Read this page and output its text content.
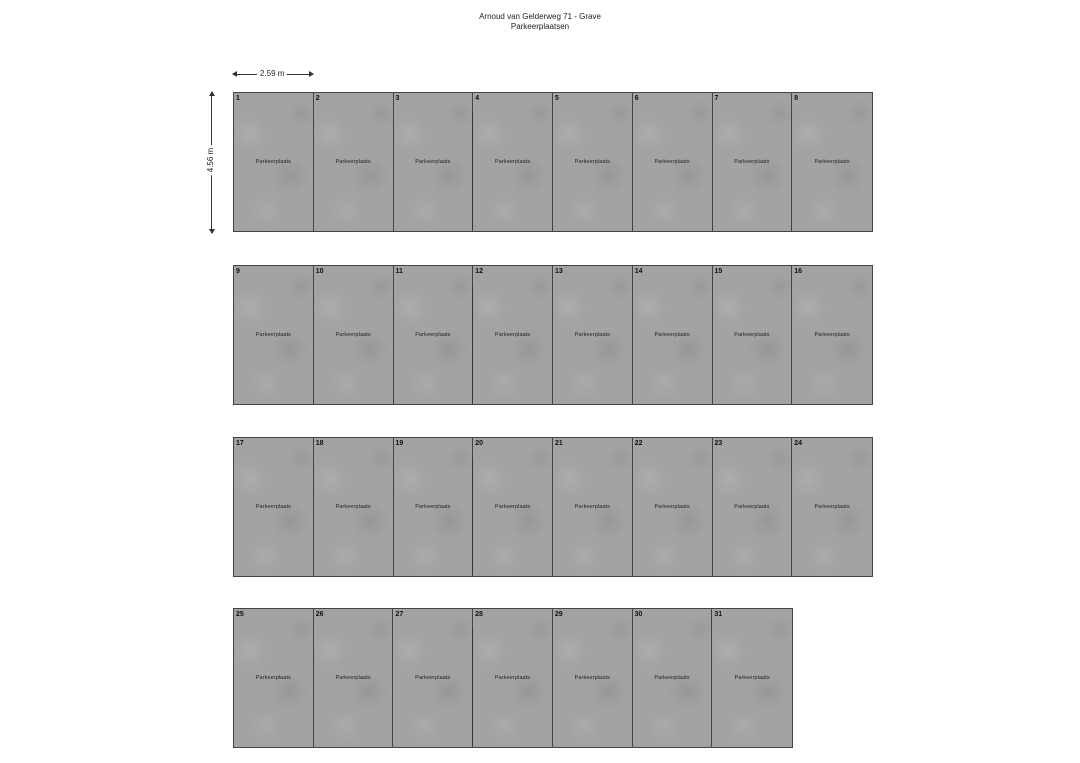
Arnoud van Gelderweg 71 - Grave
Parkeerplaatsen
2.59 m
4.56 m
1
Parkeerplaats
2
Parkeerplaats
3
Parkeerplaats
4
Parkeerplaats
5
Parkeerplaats
6
Parkeerplaats
7
Parkeerplaats
8
Parkeerplaats
9
Parkeerplaats
10
Parkeerplaats
11
Parkeerplaats
12
Parkeerplaats
13
Parkeerplaats
14
Parkeerplaats
15
Parkeerplaats
16
Parkeerplaats
17
Parkeerplaats
18
Parkeerplaats
19
Parkeerplaats
20
Parkeerplaats
21
Parkeerplaats
22
Parkeerplaats
23
Parkeerplaats
24
Parkeerplaats
25
Parkeerplaats
26
Parkeerplaats
27
Parkeerplaats
28
Parkeerplaats
29
Parkeerplaats
30
Parkeerplaats
31
Parkeerplaats
